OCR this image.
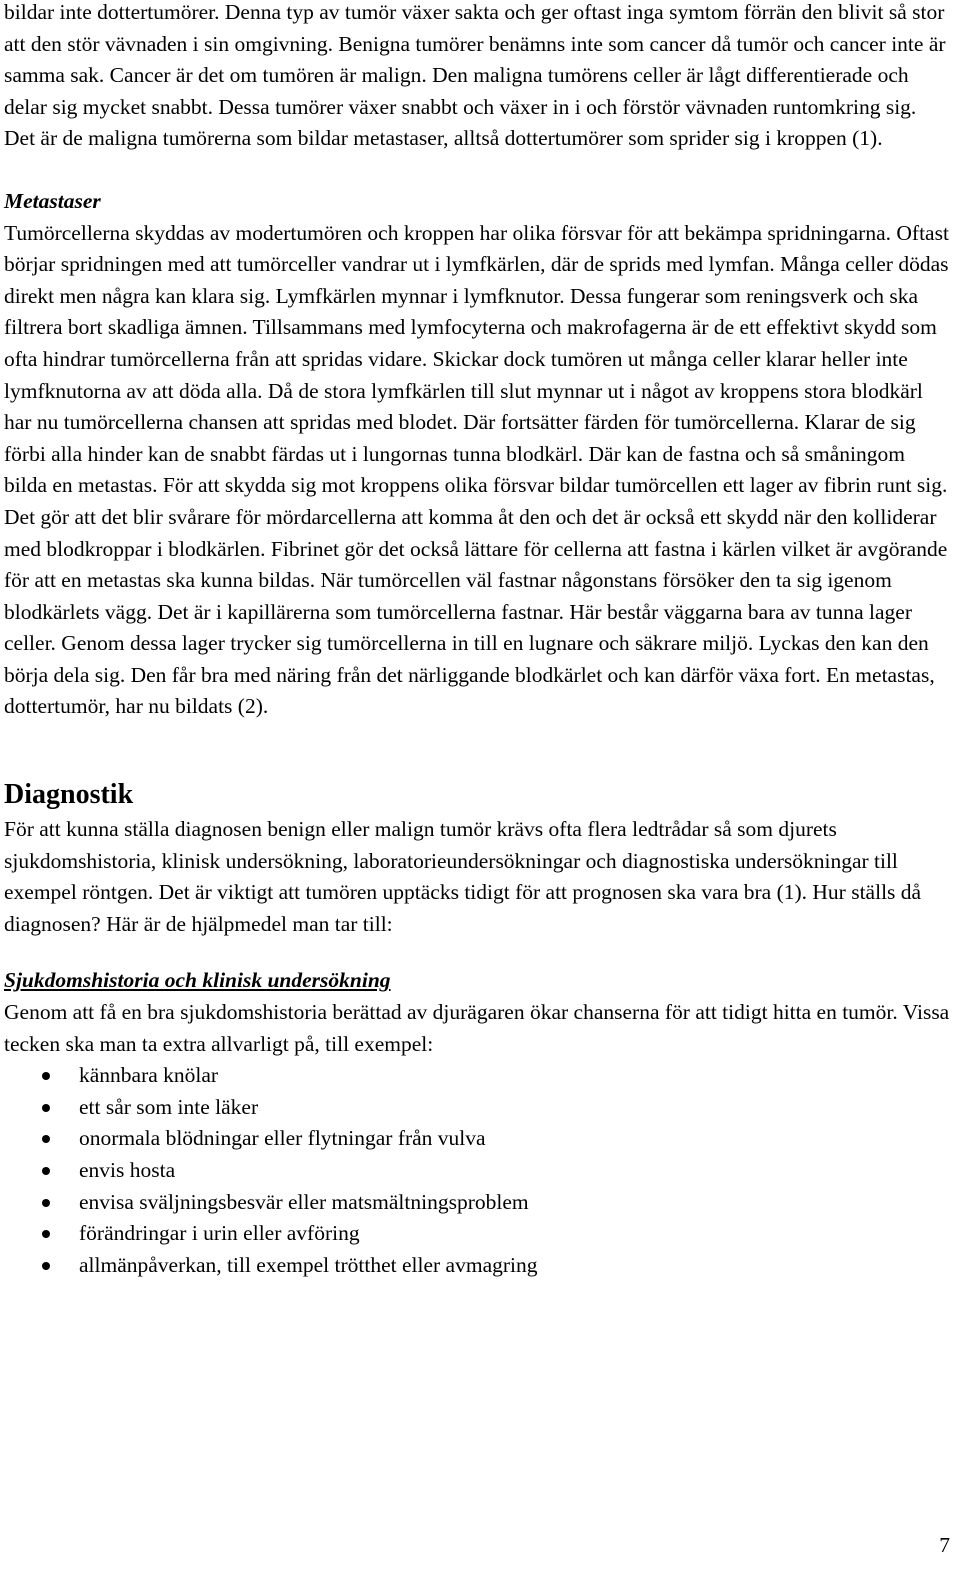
bildar inte dottertumörer. Denna typ av tumör växer sakta och ger oftast inga symtom förrän den blivit så stor att den stör vävnaden i sin omgivning. Benigna tumörer benämns inte som cancer då tumör och cancer inte är samma sak. Cancer är det om tumören är malign. Den maligna tumörens celler är lågt differentierade och delar sig mycket snabbt. Dessa tumörer växer snabbt och växer in i och förstör vävnaden runtomkring sig. Det är de maligna tumörerna som bildar metastaser, alltså dottertumörer som sprider sig i kroppen (1).

Metastaser

Tumörcellerna skyddas av modertumören och kroppen har olika försvar för att bekämpa spridningarna. Oftast börjar spridningen med att tumörceller vandrar ut i lymfkärlen, där de sprids med lymfan. Många celler dödas direkt men några kan klara sig. Lymfkärlen mynnar i lymfknutor. Dessa fungerar som reningsverk och ska filtrera bort skadliga ämnen. Tillsammans med lymfocyterna och makrofagerna är de ett effektivt skydd som ofta hindrar tumörcellerna från att spridas vidare. Skickar dock tumören ut många celler klarar heller inte lymfknutorna av att döda alla. Då de stora lymfkärlen till slut mynnar ut i något av kroppens stora blodkärl har nu tumörcellerna chansen att spridas med blodet. Där fortsätter färden för tumörcellerna. Klarar de sig förbi alla hinder kan de snabbt färdas ut i lungornas tunna blodkärl. Där kan de fastna och så småningom bilda en metastas. För att skydda sig mot kroppens olika försvar bildar tumörcellen ett lager av fibrin runt sig. Det gör att det blir svårare för mördarcellerna att komma åt den och det är också ett skydd när den kolliderar med blodkroppar i blodkärlen. Fibrinet gör det också lättare för cellerna att fastna i kärlen vilket är avgörande för att en metastas ska kunna bildas. När tumörcellen väl fastnar någonstans försöker den ta sig igenom blodkärlets vägg. Det är i kapillärerna som tumörcellerna fastnar. Här består väggarna bara av tunna lager celler. Genom dessa lager trycker sig tumörcellerna in till en lugnare och säkrare miljö. Lyckas den kan den börja dela sig. Den får bra med näring från det närliggande blodkärlet och kan därför växa fort. En metastas, dottertumör, har nu bildats (2).

Diagnostik

För att kunna ställa diagnosen benign eller malign tumör krävs ofta flera ledtrådar så som djurets sjukdomshistoria, klinisk undersökning, laboratorieundersökningar och diagnostiska undersökningar till exempel röntgen. Det är viktigt att tumören upptäcks tidigt för att prognosen ska vara bra (1). Hur ställs då diagnosen? Här är de hjälpmedel man tar till:

Sjukdomshistoria och klinisk undersökning

Genom att få en bra sjukdomshistoria berättad av djurägaren ökar chanserna för att tidigt hitta en tumör. Vissa tecken ska man ta extra allvarligt på, till exempel:

kännbara knölar
ett sår som inte läker
onormala blödningar eller flytningar från vulva
envis hosta
envisa sväljningsbesvär eller matsmältningsproblem
förändringar i urin eller avföring
allmänpåverkan, till exempel trötthet eller avmagring
7
